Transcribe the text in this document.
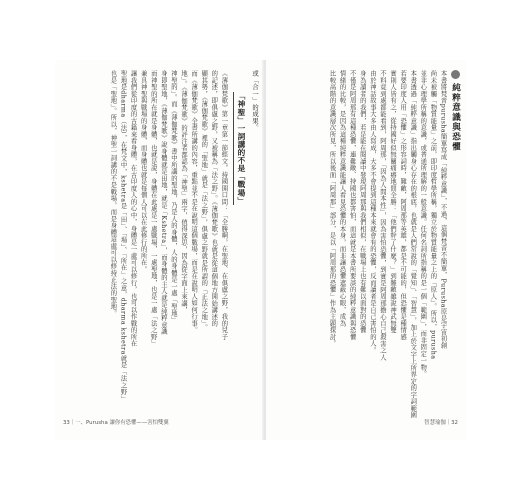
或「合一」的成果。
「神聖」一詞講的不是「戰場」
《薄伽梵歌》第一章第一節經文，持國開口問：「全勝啊，在聖地、在俱盧之野，我的兒子
的記述，即俱盧之野，又被稱為「法之野」。《薄伽梵歌》也就是從這個地方開始講述的
顯其勢，《薄伽梵歌》裡的「聖地」就是「法之野」，俱盧之野就是所謂的「正法之地」。
而《薄伽梵歌》全書所講的內容，重點並不是在說明這個戰場，而是在說明人如何行事。
地」。《薄伽梵歌》的評注者都認為「神聖」兩字，值得深思，因為從字面上來講，
神聖的」。而《薄伽梵歌》書中所講的聖地，乃是人的身體，人的身體是一處「聖地」
身即聖地，《薄伽梵歌》說身體就是田地，就是「Kshetra」，而身體的主人就是純粹意識
而神聖的所在就是身體，也就是說，身體在此處是一處戰場，一處聖地，也是一處「法之野」
兼具神聖與戰場的身體，而身體也就是每個人可以在此修行的所在。
讓我們從印度的古籍來看身體，在古印度人的心中，身體是一處可以修行，也可以作戰的所在
聖地是dharma（法），在梵文中，kshetra是「田」、「場」、「所在」之意，dharma kshetra就是「法之野」
也是「聖地」。所以，神聖一詞講的不是戰場，而是身體這處可以修持正法的聖地。
33｜一、Purusha 讓你有恐懼——害怕雙翼
純粹意識與恐懼
本書將梵音purusha簡單寫成「純粹意識」，不過，這個梵音不簡單，Purusha原是宇宙初創
尚未被觸「物質能量」之前，即印度哲學所稱，獨立於物質能量之上的「原人」。所以，purusha
並非心理學所稱的意識，或普通所理解的一般意識。任何名詞所指稱的是一個「範圍」，而非固定一物。
本書透過「純粹意識」指出觸身心存在的根底，也就是人們常說的「覺知」、「智慧」，加上於文字上所界定的字詞範圍
若要印度人用「恐懼」之形容詞時，難敵，阿周那等英雄，都是不可能的，但恐懼是種情感
實則人皆有之，從持國好似無關痛癢地問全勝：「他們幹了什麼？」到難敵雖說神武無雙
不料竟到處都能看到，阿周那，「因為人間本性」，因為害怕恐懼，到實是阿周那擔心自己殺害之人
由於神話故事大多由人寫成，大多不會提到這種本來就會有的恐懼，反而讀者是自己害怕的人。
身為讀者的我們，若是能在閱讀中發現阿周那與我們相似，在戰場上也有難以面對的恐懼
不僅是阿周那有這種恐懼，連難敵、持國也都害怕，而這就是本書所要談的純粹意識與恐懼
情緒的比較，是因為這種純粹意識能讓人看見恐懼的本身，而非讓恐懼遮蔽心眼，成為
比較高階的意識層次所見，所以後面「阿周那」部分，是以「阿周那的恐懼」作為主題探討。
智慧瑜伽｜32
